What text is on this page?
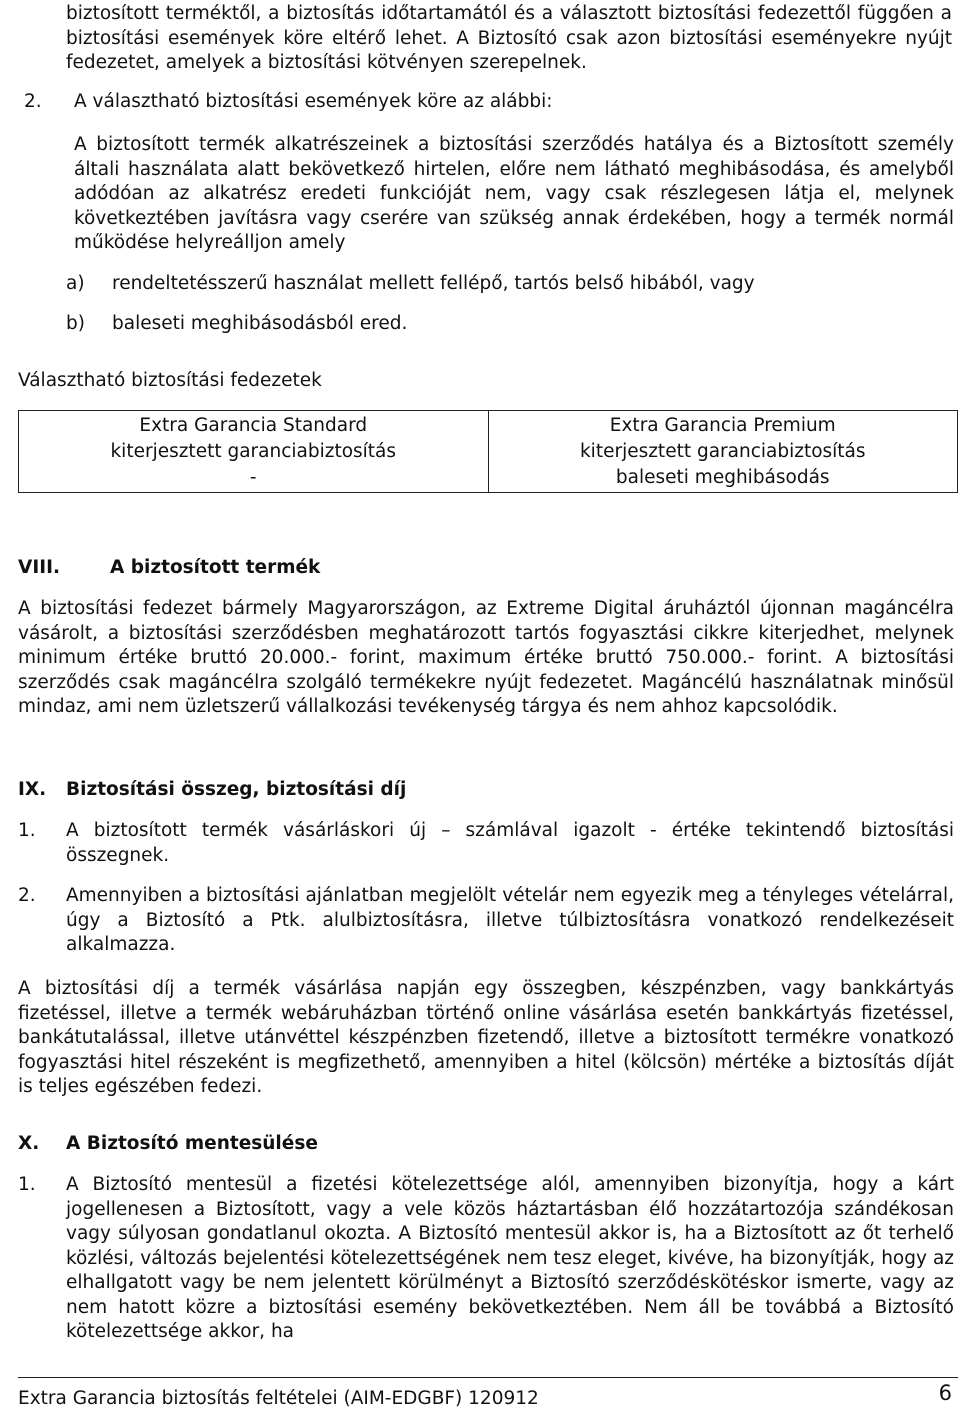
biztosított terméktől, a biztosítás időtartamától és a választott biztosítási fedezettől függően a biztosítási események köre eltérő lehet. A Biztosító csak azon biztosítási eseményekre nyújt fedezetet, amelyek a biztosítási kötvényen szerepelnek.

2. A választható biztosítási események köre az alábbi:

A biztosított termék alkatrészeinek a biztosítási szerződés hatálya és a Biztosított személy általi használata alatt bekövetkező hirtelen, előre nem látható meghibásodása, és amelyből adódóan az alkatrész eredeti funkcióját nem, vagy csak részlegesen látja el, melynek következtében javításra vagy cserére van szükség annak érdekében, hogy a termék normál működése helyreálljon amely

a) rendeltetésszerű használat mellett fellépő, tartós belső hibából, vagy
b) baleseti meghibásodásból ered.

Választható biztosítási fedezetek

Extra Garancia Standard
kiterjesztett garanciabiztosítás
-

Extra Garancia Premium
kiterjesztett garanciabiztosítás
baleseti meghibásodás
VIII.	A biztosított termék

A biztosítási fedezet bármely Magyarországon, az Extreme Digital áruháztól újonnan magáncélra vásárolt, a biztosítási szerződésben meghatározott tartós fogyasztási cikkre kiterjedhet, melynek minimum értéke bruttó 20.000.- forint, maximum értéke bruttó 750.000.- forint. A biztosítási szerződés csak magáncélra szolgáló termékekre nyújt fedezetet. Magáncélú használatnak minősül mindaz, ami nem üzletszerű vállalkozási tevékenység tárgya és nem ahhoz kapcsolódik.

IX. Biztosítási összeg, biztosítási díj
1. A biztosított termék vásárláskori új – számlával igazolt - értéke tekintendő biztosítási összegnek.

2. Amennyiben a biztosítási ajánlatban megjelölt vételár nem egyezik meg a tényleges vételárral, úgy a Biztosító a Ptk. alulbiztosításra, illetve túlbiztosításra vonatkozó rendelkezéseit alkalmazza.

A biztosítási díj a termék vásárlása napján egy összegben, készpénzben, vagy bankkártyás fizetéssel, illetve a termék webáruházban történő online vásárlása esetén bankkártyás fizetéssel, bankátutalással, illetve utánvéttel készpénzben fizetendő, illetve a biztosított termékre vonatkozó fogyasztási hitel részeként is megfizethető, amennyiben a hitel (kölcsön) mértéke a biztosítás díját is teljes egészében fedezi.

X. A Biztosító mentesülése
1. A Biztosító mentesül a fizetési kötelezettsége alól, amennyiben bizonyítja, hogy a kárt jogellenesen a Biztosított, vagy a vele közös háztartásban élő hozzátartozója szándékosan vagy súlyosan gondatlanul okozta. A Biztosító mentesül akkor is, ha a Biztosított az őt terhelő közlési, változás bejelentési kötelezettségének nem tesz eleget, kivéve, ha bizonyítják, hogy az elhallgatott vagy be nem jelentett körülményt a Biztosító szerződéskötéskor ismerte, vagy az nem hatott közre a biztosítási esemény bekövetkeztében. Nem áll be továbbá a Biztosító kötelezettsége akkor, ha

Extra Garancia biztosítás feltételei (AIM-EDGBF) 120912	6
